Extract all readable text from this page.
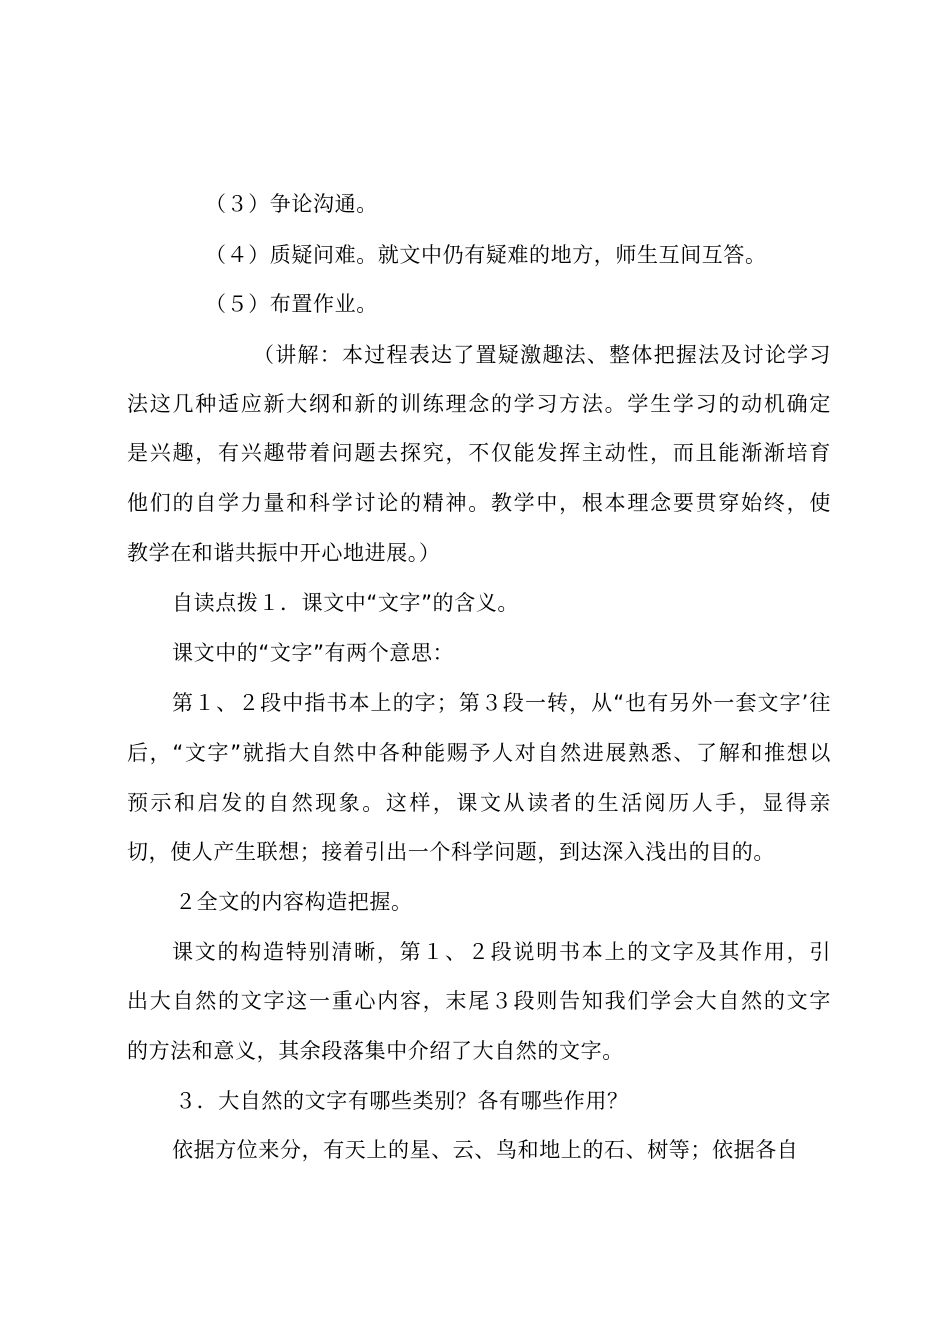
（３）争论沟通。
（４）质疑问难。就文中仍有疑难的地方，师生互间互答。
（５）布置作业。
（讲解：本过程表达了置疑激趣法、整体把握法及讨论学习
法这几种适应新大纲和新的训练理念的学习方法。学生学习的动机确定
是兴趣，有兴趣带着问题去探究，不仅能发挥主动性，而且能渐渐培育
他们的自学力量和科学讨论的精神。教学中，根本理念要贯穿始终，使
教学在和谐共振中开心地进展。）
自读点拨１．课文中“文字”的含义。
课文中的“文字”有两个意思：
第１、２段中指书本上的字；第３段一转，从“也有另外一套文字’往
后，“文字”就指大自然中各种能赐予人对自然进展熟悉、了解和推想以
预示和启发的自然现象。这样，课文从读者的生活阅历人手，显得亲
切，使人产生联想；接着引出一个科学问题，到达深入浅出的目的。
２全文的内容构造把握。
课文的构造特别清晰，第１、２段说明书本上的文字及其作用，引
出大自然的文字这一重心内容，末尾３段则告知我们学会大自然的文字
的方法和意义，其余段落集中介绍了大自然的文字。
３．大自然的文字有哪些类别？各有哪些作用？
依据方位来分，有天上的星、云、鸟和地上的石、树等；依据各自
